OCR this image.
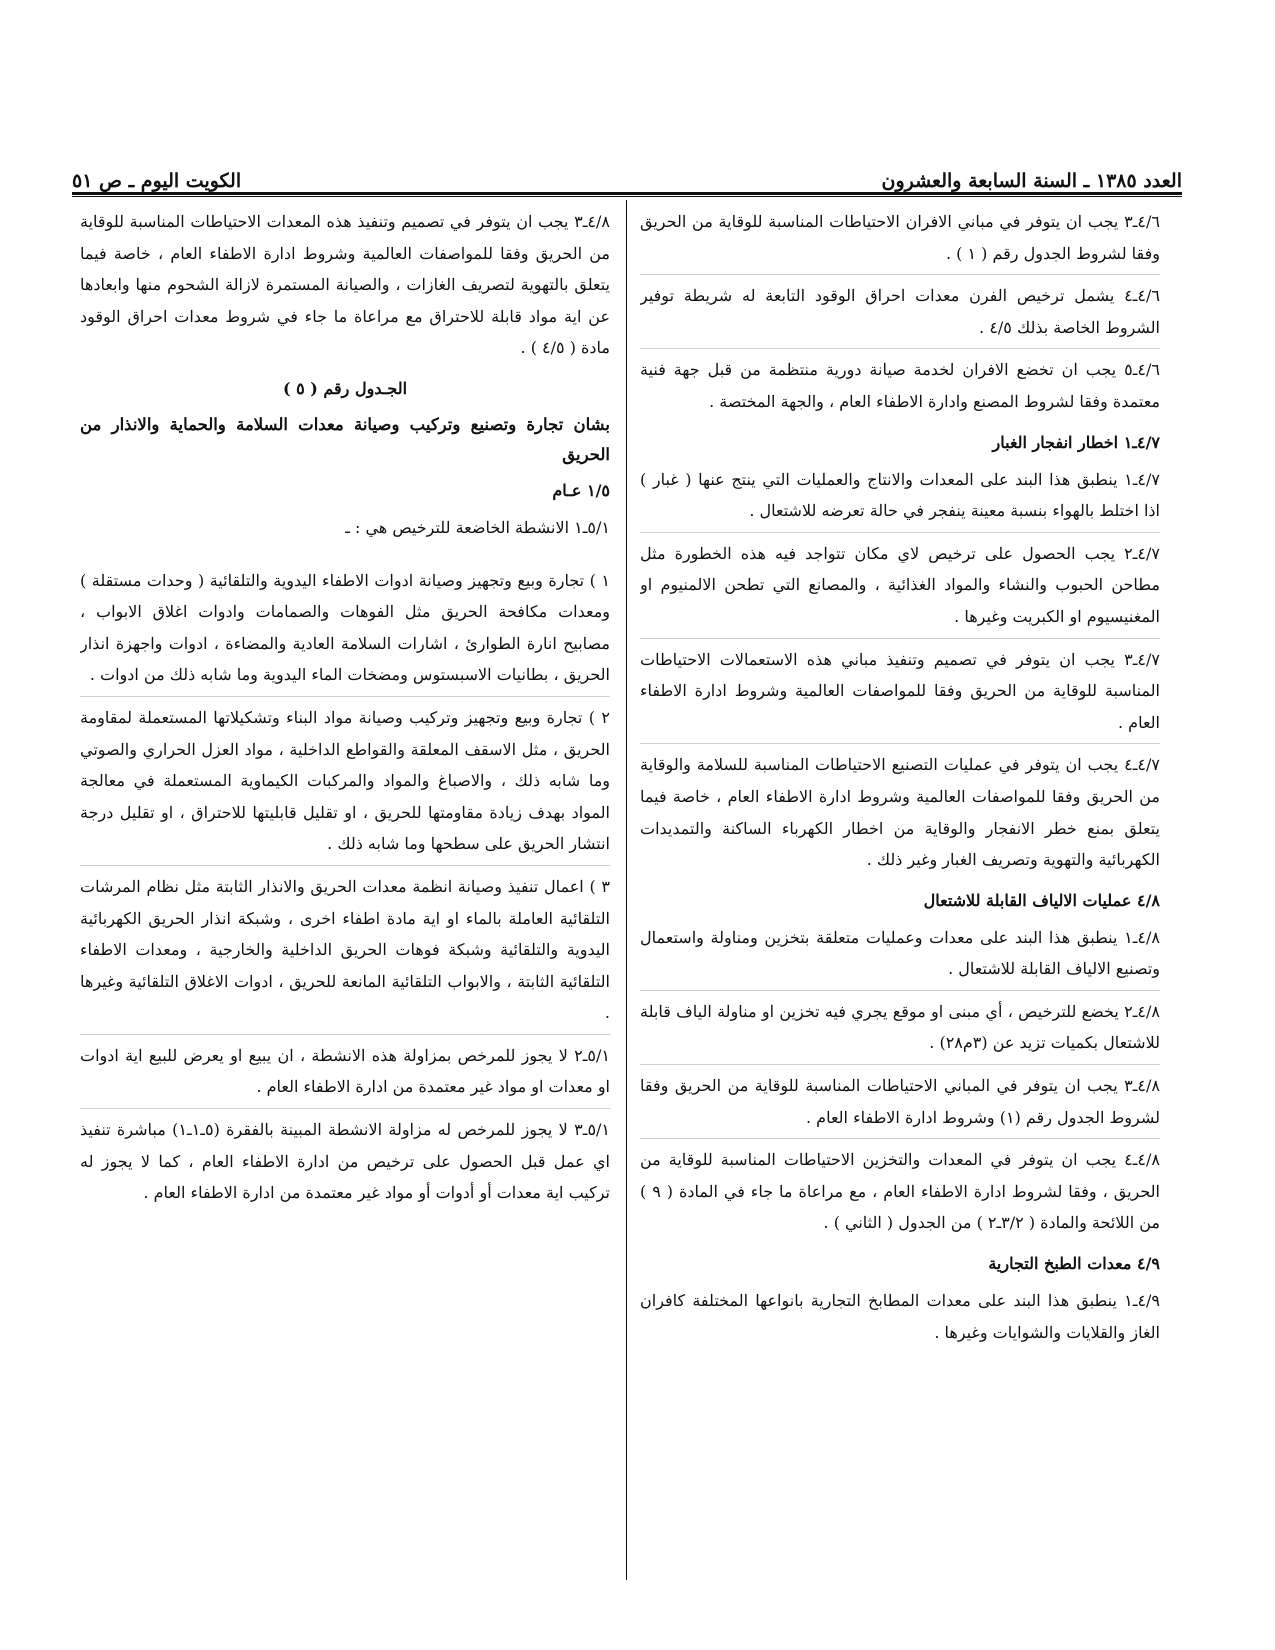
العدد ١٣٨٥ ـ السنة السابعة والعشرون
الكويت اليوم ـ ص ٥١

٤/٦ـ٣ يجب ان يتوفر في مباني الافران الاحتياطات المناسبة للوقاية من الحريق وفقا لشروط الجدول رقم ( ١ ) .

٤/٦ـ٤ يشمل ترخيص الفرن معدات احراق الوقود التابعة له شريطة توفير الشروط الخاصة بذلك ٤/٥ .

٤/٦ـ٥ يجب ان تخضع الافران لخدمة صيانة دورية منتظمة من قبل جهة فنية معتمدة وفقا لشروط المصنع وادارة الاطفاء العام ، والجهة المختصة .

٤/٧ـ١ اخطار انفجار الغبار

٤/٧ـ١ ينطبق هذا البند على المعدات والانتاج والعمليات التي ينتج عنها ( غبار ) اذا اختلط بالهواء بنسبة معينة ينفجر في حالة تعرضه للاشتعال .

٤/٧ـ٢ يجب الحصول على ترخيص لاي مكان تتواجد فيه هذه الخطورة مثل مطاحن الحبوب والنشاء والمواد الغذائية ، والمصانع التي تطحن الالمنيوم او المغنيسيوم او الكبريت وغيرها .

٤/٧ـ٣ يجب ان يتوفر في تصميم وتنفيذ مباني هذه الاستعمالات الاحتياطات المناسبة للوقاية من الحريق وفقا للمواصفات العالمية وشروط ادارة الاطفاء العام .

٤/٧ـ٤ يجب ان يتوفر في عمليات التصنيع الاحتياطات المناسبة للسلامة والوقاية من الحريق وفقا للمواصفات العالمية وشروط ادارة الاطفاء العام ، خاصة فيما يتعلق بمنع خطر الانفجار والوقاية من اخطار الكهرباء الساكنة والتمديدات الكهربائية والتهوية وتصريف الغبار وغير ذلك .

٤/٨ عمليات الالياف القابلة للاشتعال

٤/٨ـ١ ينطبق هذا البند على معدات وعمليات متعلقة بتخزين ومناولة واستعمال وتصنيع الالياف القابلة للاشتعال .

٤/٨ـ٢ يخضع للترخيص ، أي مبنى او موقع يجري فيه تخزين او مناولة الياف قابلة للاشتعال بكميات تزيد عن (٣م٢٨) .

٤/٨ـ٣ يجب ان يتوفر في المباني الاحتياطات المناسبة للوقاية من الحريق وفقا لشروط الجدول رقم (١) وشروط ادارة الاطفاء العام .

٤/٨ـ٤ يجب ان يتوفر في المعدات والتخزين الاحتياطات المناسبة للوقاية من الحريق ، وفقا لشروط ادارة الاطفاء العام ، مع مراعاة ما جاء في المادة ( ٩ ) من اللائحة والمادة ( ٣/٢ـ٢ ) من الجدول ( الثاني ) .

٤/٩ معدات الطبخ التجارية

٤/٩ـ١ ينطبق هذا البند على معدات المطابخ التجارية بانواعها المختلفة كافران الغاز والقلايات والشوايات وغيرها .

٤/٨ـ٣ يجب ان يتوفر في تصميم وتنفيذ هذه المعدات الاحتياطات المناسبة للوقاية من الحريق وفقا للمواصفات العالمية وشروط ادارة الاطفاء العام ، خاصة فيما يتعلق بالتهوية لتصريف الغازات ، والصيانة المستمرة لازالة الشحوم منها وابعادها عن اية مواد قابلة للاحتراق مع مراعاة ما جاء في شروط معدات احراق الوقود مادة ( ٤/٥ ) .

الجـدول رقم ( ٥ )
بشان تجارة وتصنيع وتركيب وصيانة معدات السلامة والحماية والانذار من الحريق
١/٥ عـام

٥/١ـ١ الانشطة الخاضعة للترخيص هي : ـ

١ ) تجارة وبيع وتجهيز وصيانة ادوات الاطفاء اليدوية والتلقائية ( وحدات مستقلة ) ومعدات مكافحة الحريق مثل الفوهات والصمامات وادوات اغلاق الابواب ، مصابيح انارة الطوارئ ، اشارات السلامة العادية والمضاءة ، ادوات واجهزة انذار الحريق ، بطانيات الاسبستوس ومضخات الماء اليدوية وما شابه ذلك من ادوات .

٢ ) تجارة وبيع وتجهيز وتركيب وصيانة مواد البناء وتشكيلاتها المستعملة لمقاومة الحريق ، مثل الاسقف المعلقة والقواطع الداخلية ، مواد العزل الحراري والصوتي وما شابه ذلك ، والاصباغ والمواد والمركبات الكيماوية المستعملة في معالجة المواد بهدف زيادة مقاومتها للحريق ، او تقليل قابليتها للاحتراق ، او تقليل درجة انتشار الحريق على سطحها وما شابه ذلك .

٣ ) اعمال تنفيذ وصيانة انظمة معدات الحريق والانذار الثابتة مثل نظام المرشات التلقائية العاملة بالماء او اية مادة اطفاء اخرى ، وشبكة انذار الحريق الكهربائية اليدوية والتلقائية وشبكة فوهات الحريق الداخلية والخارجية ، ومعدات الاطفاء التلقائية الثابتة ، والابواب التلقائية المانعة للحريق ، ادوات الاغلاق التلقائية وغيرها .

٥/١ـ٢ لا يجوز للمرخص بمزاولة هذه الانشطة ، ان يبيع او يعرض للبيع اية ادوات او معدات او مواد غير معتمدة من ادارة الاطفاء العام .

٥/١ـ٣ لا يجوز للمرخص له مزاولة الانشطة المبينة بالفقرة (٥ـ١ـ١) مباشرة تنفيذ اي عمل قبل الحصول على ترخيص من ادارة الاطفاء العام ، كما لا يجوز له تركيب اية معدات أو أدوات أو مواد غير معتمدة من ادارة الاطفاء العام .
